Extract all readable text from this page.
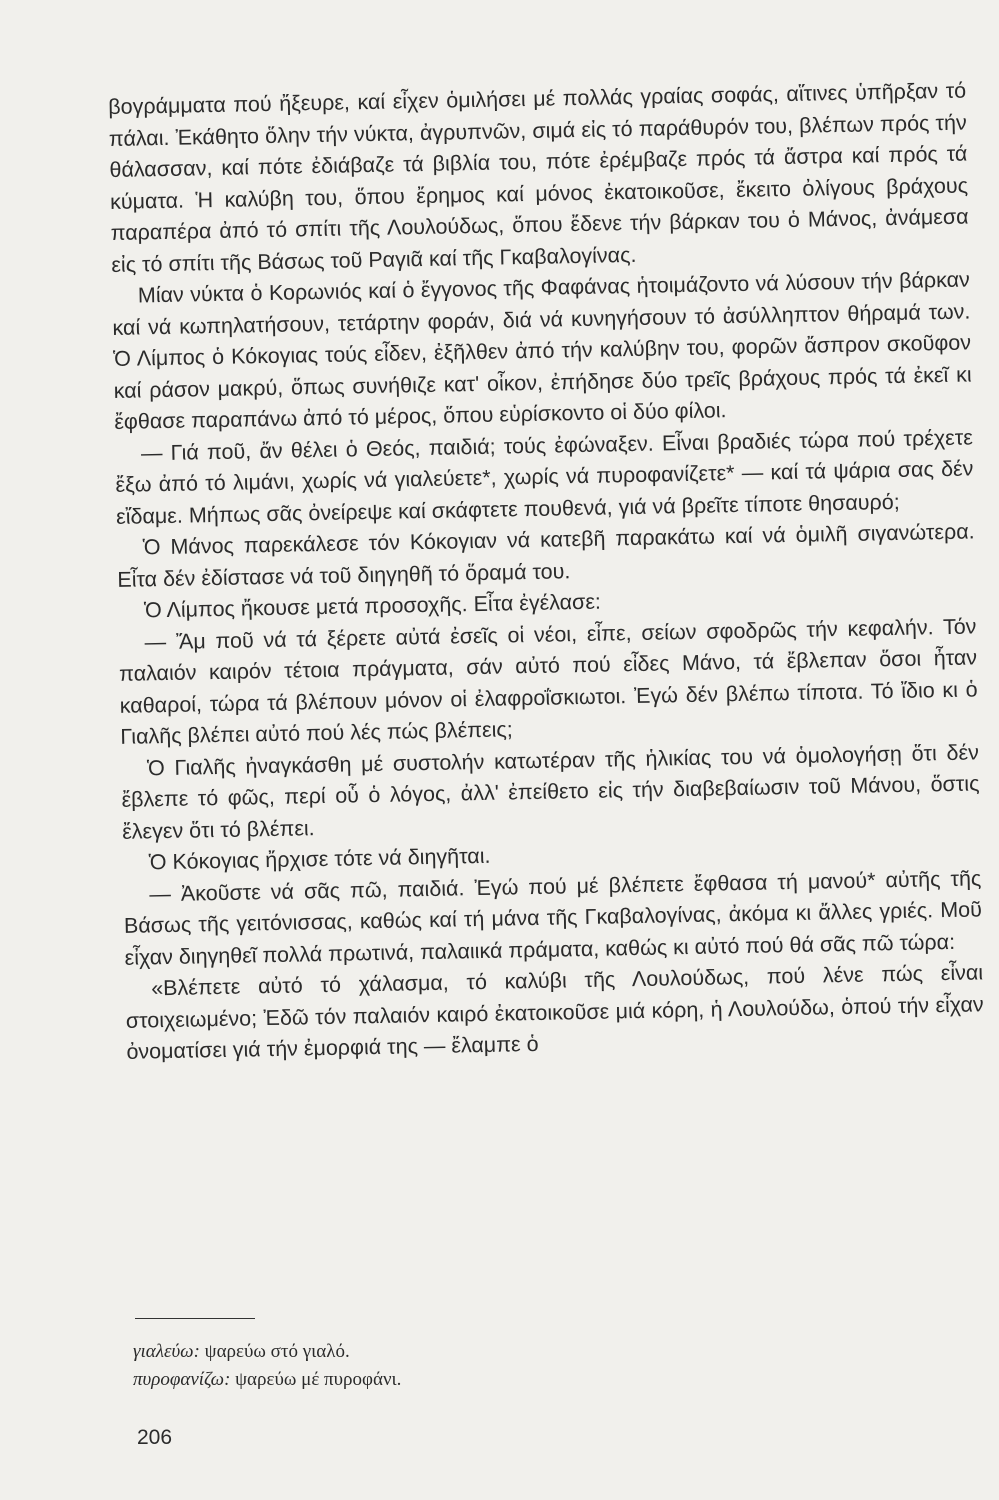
βογράμματα πού ἤξευρε, καί εἶχεν ὁμιλήσει μέ πολλάς γραίας σοφάς, αἵτινες ὑπῆρξαν τό πάλαι. Ἐκάθητο ὅλην τήν νύκτα, ἀγρυπνῶν, σιμά εἰς τό παράθυρόν του, βλέπων πρός τήν θάλασσαν, καί πότε ἐδιάβαζε τά βιβλία του, πότε ἐρέμβαζε πρός τά ἄστρα καί πρός τά κύματα. Ἡ καλύβη του, ὅπου ἔρημος καί μόνος ἐκατοικοῦσε, ἔκειτο ὀλίγους βράχους παραπέρα ἀπό τό σπίτι τῆς Λουλούδως, ὅπου ἔδενε τήν βάρκαν του ὁ Μάνος, ἀνάμεσα εἰς τό σπίτι τῆς Βάσως τοῦ Ραγιᾶ καί τῆς Γκαβαλογίνας.

Μίαν νύκτα ὁ Κορωνιός καί ὁ ἔγγονος τῆς Φαφάνας ἡτοιμάζοντο νά λύσουν τήν βάρκαν καί νά κωπηλατήσουν, τετάρτην φοράν, διά νά κυνηγήσουν τό ἀσύλληπτον θήραμά των. Ὁ Λίμπος ὁ Κόκογιας τούς εἶδεν, ἐξῆλθεν ἀπό τήν καλύβην του, φορῶν ἄσπρον σκοῦφον καί ράσον μακρύ, ὅπως συνήθιζε κατ' οἶκον, ἐπήδησε δύο τρεῖς βράχους πρός τά ἐκεῖ κι ἔφθασε παραπάνω ἀπό τό μέρος, ὅπου εὑρίσκοντο οἱ δύο φίλοι.

— Γιά ποῦ, ἄν θέλει ὁ Θεός, παιδιά; τούς ἐφώναξεν. Εἶναι βραδιές τώρα πού τρέχετε ἔξω ἀπό τό λιμάνι, χωρίς νά γιαλεύετε*, χωρίς νά πυροφανίζετε* — καί τά ψάρια σας δέν εἴδαμε. Μήπως σᾶς ὀνείρεψε καί σκάφτετε πουθενά, γιά νά βρεῖτε τίποτε θησαυρό;

Ὁ Μάνος παρεκάλεσε τόν Κόκογιαν νά κατεβῆ παρακάτω καί νά ὁμιλῆ σιγανώτερα. Εἶτα δέν ἐδίστασε νά τοῦ διηγηθῆ τό ὅραμά του.

Ὁ Λίμπος ἤκουσε μετά προσοχῆς. Εἶτα ἐγέλασε:

— Ἄμ ποῦ νά τά ξέρετε αὐτά ἐσεῖς οἱ νέοι, εἶπε, σείων σφοδρῶς τήν κεφαλήν. Τόν παλαιόν καιρόν τέτοια πράγματα, σάν αὐτό πού εἶδες Μάνο, τά ἔβλεπαν ὅσοι ἦταν καθαροί, τώρα τά βλέπουν μόνον οἱ ἐλαφροΐσκιωτοι. Ἐγώ δέν βλέπω τίποτα. Τό ἴδιο κι ὁ Γιαλῆς βλέπει αὐτό πού λές πώς βλέπεις;

Ὁ Γιαλῆς ἠναγκάσθη μέ συστολήν κατωτέραν τῆς ἡλικίας του νά ὁμολογήσῃ ὅτι δέν ἔβλεπε τό φῶς, περί οὗ ὁ λόγος, ἀλλ' ἐπείθετο εἰς τήν διαβεβαίωσιν τοῦ Μάνου, ὅστις ἔλεγεν ὅτι τό βλέπει.

Ὁ Κόκογιας ἤρχισε τότε νά διηγῆται.

— Ἀκοῦστε νά σᾶς πῶ, παιδιά. Ἐγώ πού μέ βλέπετε ἔφθασα τή μανού* αὐτῆς τῆς Βάσως τῆς γειτόνισσας, καθώς καί τή μάνα τῆς Γκαβαλογίνας, ἀκόμα κι ἄλλες γριές. Μοῦ εἶχαν διηγηθεῖ πολλά πρωτινά, παλαιικά πράματα, καθώς κι αὐτό πού θά σᾶς πῶ τώρα:

«Βλέπετε αὐτό τό χάλασμα, τό καλύβι τῆς Λουλούδως, πού λένε πώς εἶναι στοιχειωμένο; Ἐδῶ τόν παλαιόν καιρό ἐκατοικοῦσε μιά κόρη, ἡ Λουλούδω, ὁπού τήν εἶχαν ὀνοματίσει γιά τήν ἐμορφιά της — ἔλαμπε ὁ

γιαλεύω: ψαρεύω στό γιαλό.
πυροφανίζω: ψαρεύω μέ πυροφάνι.
206
